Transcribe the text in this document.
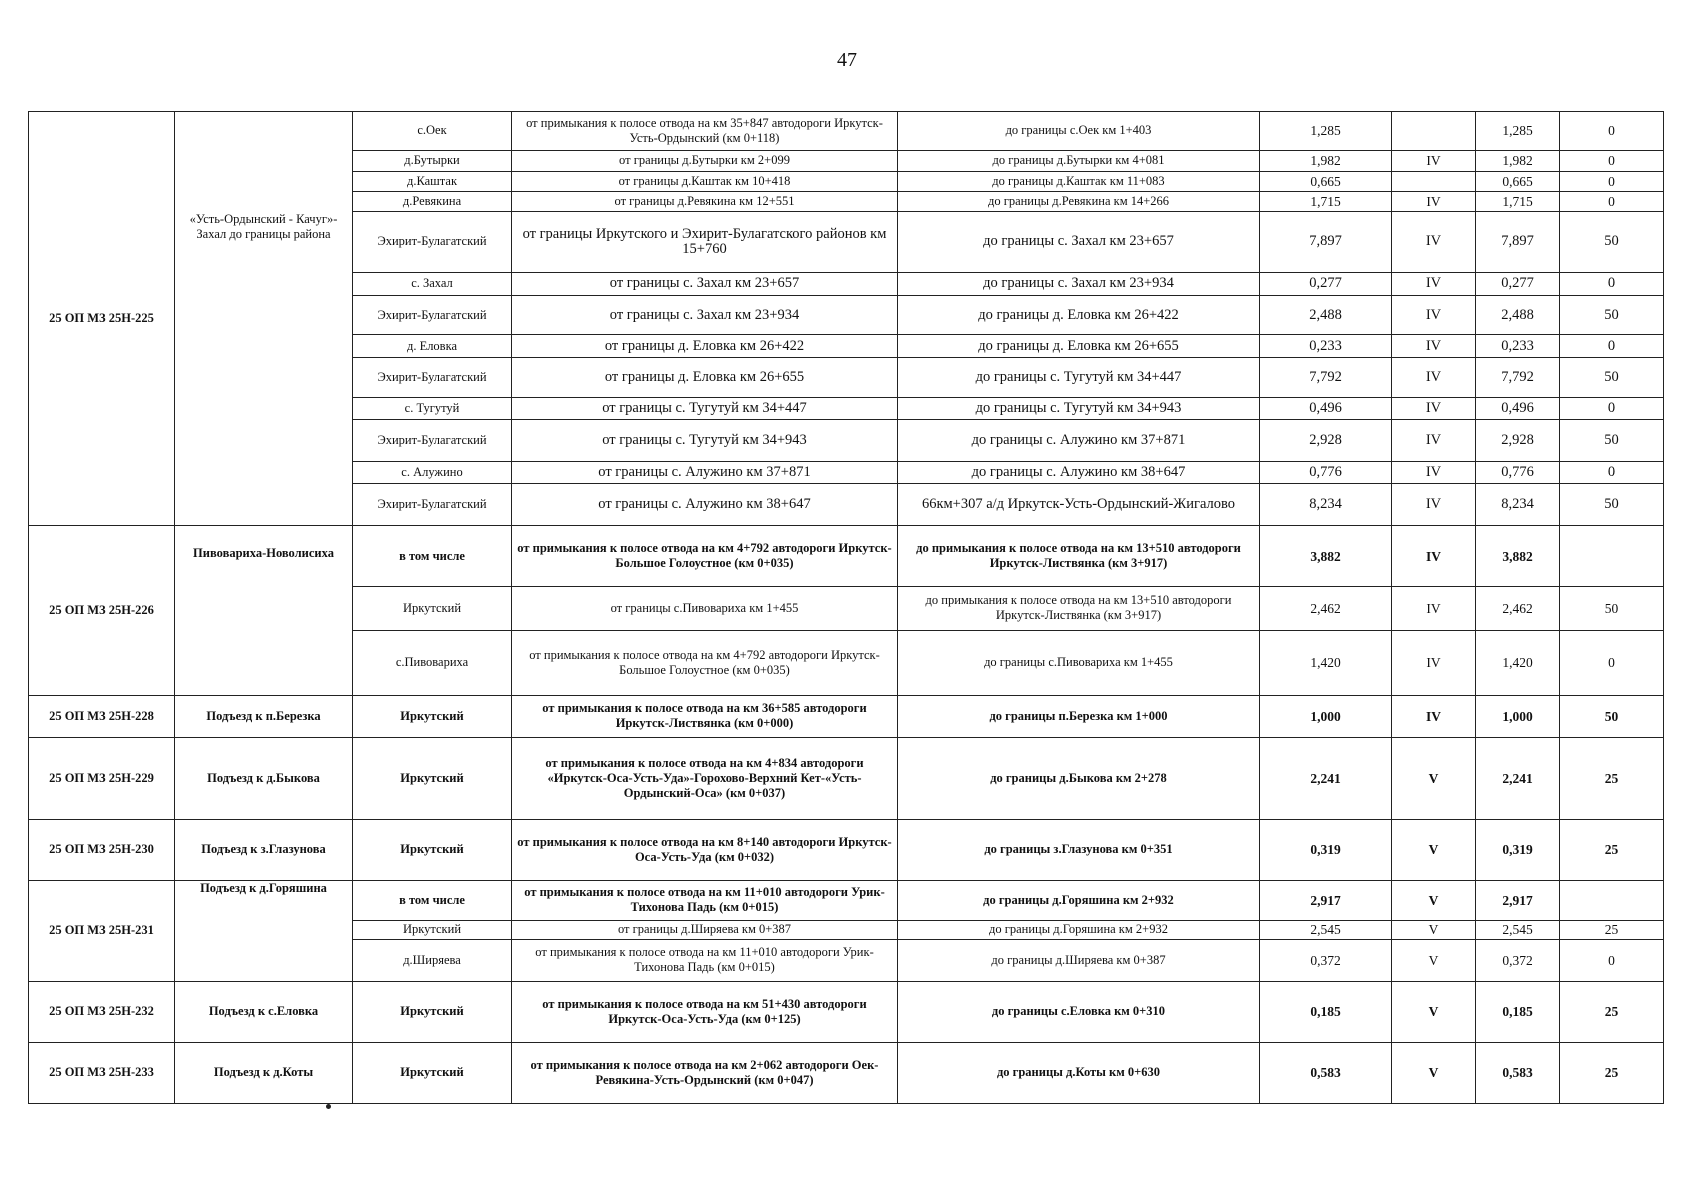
47
25 ОП МЗ 25Н-225	«Усть-Ордынский - Качуг»-Захал до границы района	с.Оек	от примыкания к полосе отвода на км 35+847 автодороги Иркутск-Усть-Ордынский (км 0+118)	до границы с.Оек км 1+403	1,285		1,285	0
		д.Бутырки	от границы д.Бутырки км 2+099	до границы д.Бутырки км 4+081	1,982	IV	1,982	0
		д.Каштак	от границы д.Каштак км 10+418	до границы д.Каштак км 11+083	0,665		0,665	0
		д.Ревякина	от границы д.Ревякина км 12+551	до границы д.Ревякина км 14+266	1,715	IV	1,715	0
		Эхирит-Булагатский	от границы Иркутского и Эхирит-Булагатского районов км 15+760	до границы с. Захал км 23+657	7,897	IV	7,897	50
		с. Захал	от границы с. Захал км 23+657	до границы с. Захал км 23+934	0,277	IV	0,277	0
		Эхирит-Булагатский	от границы с. Захал км 23+934	до границы д. Еловка км 26+422	2,488	IV	2,488	50
		д. Еловка	от границы д. Еловка км 26+422	до границы д. Еловка км 26+655	0,233	IV	0,233	0
		Эхирит-Булагатский	от границы д. Еловка км 26+655	до границы с. Тугутуй км 34+447	7,792	IV	7,792	50
		с. Тугутуй	от границы с. Тугутуй км 34+447	до границы с. Тугутуй км 34+943	0,496	IV	0,496	0
		Эхирит-Булагатский	от границы с. Тугутуй км 34+943	до границы с. Алужино км 37+871	2,928	IV	2,928	50
		с. Алужино	от границы с. Алужино км 37+871	до границы с. Алужино км 38+647	0,776	IV	0,776	0
		Эхирит-Булагатский	от границы с. Алужино км 38+647	66км+307 а/д Иркутск-Усть-Ордынский-Жигалово	8,234	IV	8,234	50
25 ОП МЗ 25Н-226	Пивовариха-Новолисиха	в том числе	от примыкания к полосе отвода на км 4+792 автодороги Иркутск-Большое Голоустное (км 0+035)	до примыкания к полосе отвода на км 13+510 автодороги Иркутск-Листвянка (км 3+917)	3,882	IV	3,882	
		Иркутский	от границы с.Пивовариха км 1+455	до примыкания к полосе отвода на км 13+510 автодороги Иркутск-Листвянка (км 3+917)	2,462	IV	2,462	50
		с.Пивовариха	от примыкания к полосе отвода на км 4+792 автодороги Иркутск-Большое Голоустное (км 0+035)	до границы с.Пивовариха км 1+455	1,420	IV	1,420	0
25 ОП МЗ 25Н-228	Подъезд к п.Березка	Иркутский	от примыкания к полосе отвода на км 36+585 автодороги Иркутск-Листвянка (км 0+000)	до границы п.Березка км 1+000	1,000	IV	1,000	50
25 ОП МЗ 25Н-229	Подъезд к д.Быкова	Иркутский	от примыкания к полосе отвода на км 4+834 автодороги «Иркутск-Оса-Усть-Уда»-Горохово-Верхний Кет-«Усть-Ордынский-Оса» (км 0+037)	до границы д.Быкова км 2+278	2,241	V	2,241	25
25 ОП МЗ 25Н-230	Подъезд к з.Глазунова	Иркутский	от примыкания к полосе отвода на км 8+140 автодороги Иркутск-Оса-Усть-Уда (км 0+032)	до границы з.Глазунова км 0+351	0,319	V	0,319	25
25 ОП МЗ 25Н-231	Подъезд к д.Горяшина	в том числе	от примыкания к полосе отвода на км 11+010 автодороги Урик-Тихонова Падь (км 0+015)	до границы д.Горяшина км 2+932	2,917	V	2,917	
		Иркутский	от границы д.Ширяева км 0+387	до границы д.Горяшина км 2+932	2,545	V	2,545	25
		д.Ширяева	от примыкания к полосе отвода на км 11+010 автодороги Урик-Тихонова Падь (км 0+015)	до границы д.Ширяева км 0+387	0,372	V	0,372	0
25 ОП МЗ 25Н-232	Подъезд к с.Еловка	Иркутский	от примыкания к полосе отвода на км 51+430 автодороги Иркутск-Оса-Усть-Уда (км 0+125)	до границы с.Еловка км 0+310	0,185	V	0,185	25
25 ОП МЗ 25Н-233	Подъезд к д.Коты	Иркутский	от примыкания к полосе отвода на км 2+062 автодороги Оек-Ревякина-Усть-Ордынский (км 0+047)	до границы д.Коты км 0+630	0,583	V	0,583	25
